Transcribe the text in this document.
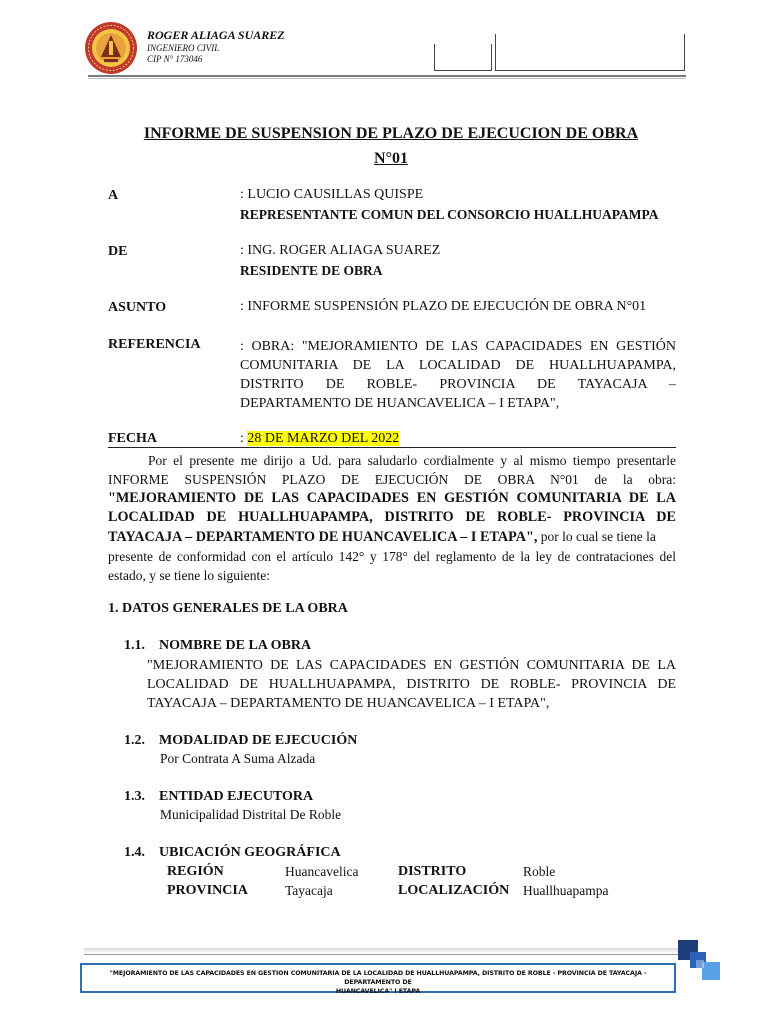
ROGER ALIAGA SUAREZ
INGENIERO CIVIL
CIP N° 173046
INFORME DE SUSPENSION DE PLAZO DE EJECUCION DE OBRA
N°01
A	: LUCIO CAUSILLAS QUISPE
REPRESENTANTE COMUN DEL CONSORCIO HUALLHUAPAMPA
DE	: ING. ROGER ALIAGA SUAREZ
RESIDENTE DE OBRA
ASUNTO	: INFORME SUSPENSIÓN PLAZO DE EJECUCIÓN DE OBRA N°01
REFERENCIA	: OBRA: "MEJORAMIENTO DE LAS CAPACIDADES EN GESTIÓN
COMUNITARIA DE LA LOCALIDAD DE HUALLHUAPAMPA,
DISTRITO DE ROBLE- PROVINCIA DE TAYACAJA –
DEPARTAMENTO DE HUANCAVELICA – I ETAPA",
FECHA	: 28 DE MARZO DEL 2022
Por el presente me dirijo a Ud. para saludarlo cordialmente y al mismo tiempo presentarle
INFORME SUSPENSIÓN PLAZO DE EJECUCIÓN DE OBRA N°01 de la obra:
"MEJORAMIENTO DE LAS CAPACIDADES EN GESTIÓN COMUNITARIA DE LA
LOCALIDAD DE HUALLHUAPAMPA, DISTRITO DE ROBLE- PROVINCIA DE
TAYACAJA – DEPARTAMENTO DE HUANCAVELICA – I ETAPA", por lo cual se tiene la
presente de conformidad con el artículo 142° y 178° del reglamento de la ley de contrataciones del
estado, y se tiene lo siguiente:
1. DATOS GENERALES DE LA OBRA
1.1.    NOMBRE DE LA OBRA
"MEJORAMIENTO DE LAS CAPACIDADES EN GESTIÓN COMUNITARIA DE LA
LOCALIDAD DE HUALLHUAPAMPA, DISTRITO DE ROBLE- PROVINCIA DE
TAYACAJA – DEPARTAMENTO DE HUANCAVELICA – I ETAPA",
1.2.    MODALIDAD DE EJECUCIÓN
Por Contrata A Suma Alzada
1.3.    ENTIDAD EJECUTORA
Municipalidad Distrital De Roble
1.4.    UBICACIÓN GEOGRÁFICA
REGIÓN	Huancavelica	DISTRITO	Roble
PROVINCIA	Tayacaja	LOCALIZACIÓN Huallhuapampa
"MEJORAMIENTO DE LAS CAPACIDADES EN GESTION COMUNITARIA DE LA LOCALIDAD DE HUALLHUAPAMPA, DISTRITO DE ROBLE - PROVINCIA DE TAYACAJA - DEPARTAMENTO DE
HUANCAVELICA" I ETAPA
